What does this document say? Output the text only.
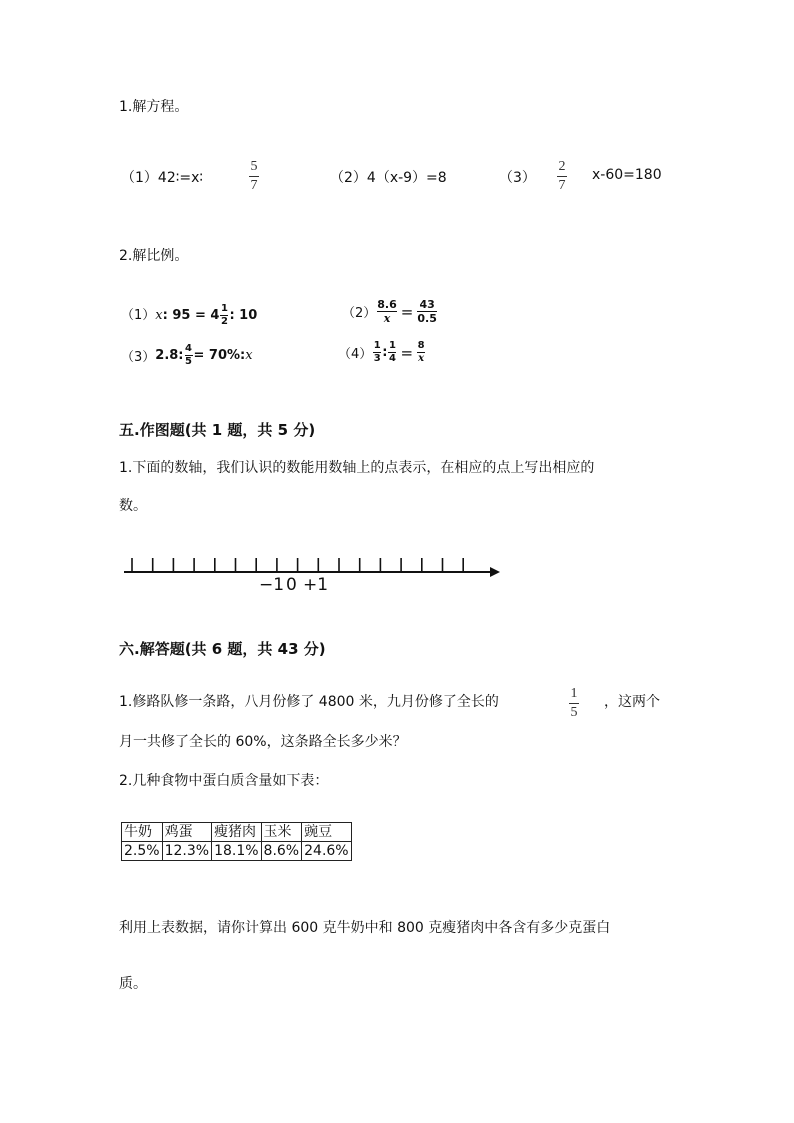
1.解方程。
（1）42∶=x∶
5
7	（2）4（x-9）=8	（3）
2
7
x-60=180
2.解比例。
（1）x: $95 = 4 \frac{1}{2}$ : 10	$(2) \frac{8.6}{x} = \frac{43}{0.5}$
（3）2.8: $\frac{4}{5}$ = 70%:x	$(4) \frac{1}{3}$ : $\frac{1}{4} = \frac{8}{x}$
五.作图题(共 1 题，共 5 分)
1.下面的数轴，我们认识的数能用数轴上的点表示，在相应的点上写出相应的
数。
−1 0 +1
六.解答题(共 6 题，共 43 分)
1.修路队修一条路，八月份修了 4800 米，九月份修了全长的
1
5
，这两个
月一共修了全长的 60%，这条路全长多少米？
2.几种食物中蛋白质含量如下表：
牛奶	鸡蛋	瘦猪肉	玉米	豌豆
2.5%	12.3%	18.1%	8.6%	24.6%
利用上表数据，请你计算出 600 克牛奶中和 800 克瘦猪肉中各含有多少克蛋白
质。
